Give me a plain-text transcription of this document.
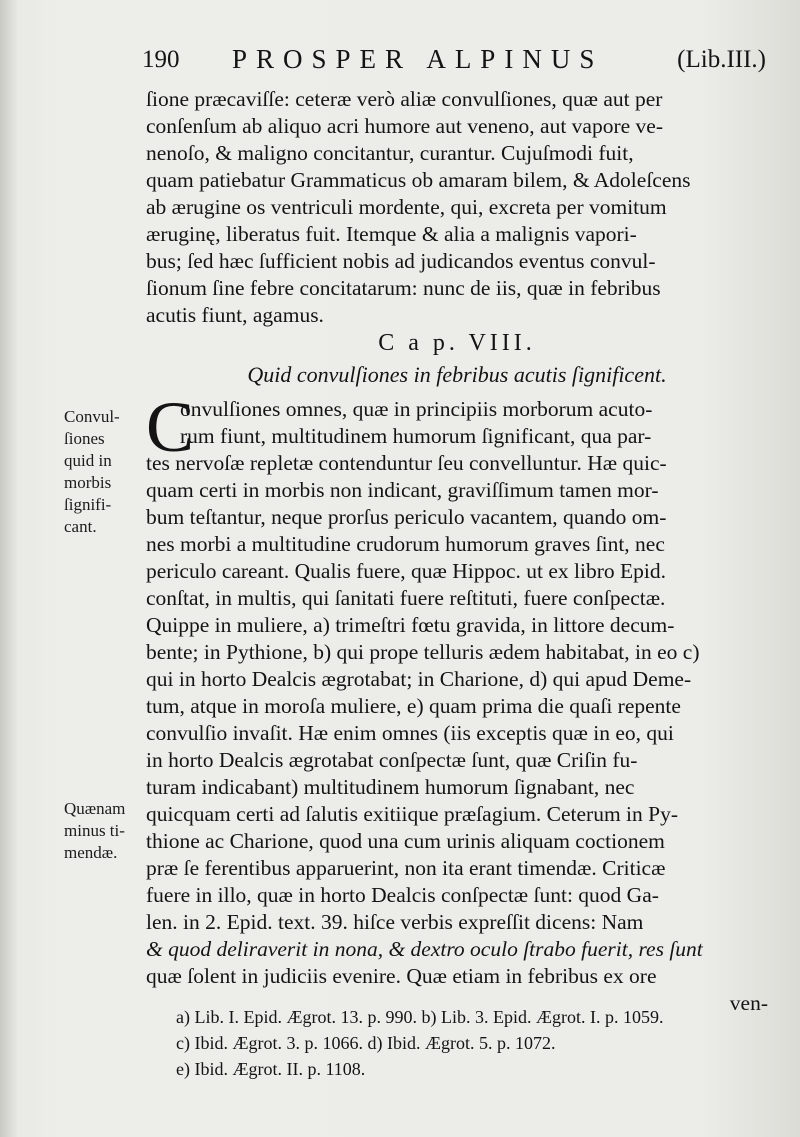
190 PROSPER ALPINUS	(Lib.III.)
ſione præcaviſſe: ceteræ verò aliæ convulſiones, quæ aut per
conſenſum ab aliquo acri humore aut veneno, aut vapore ve-
nenoſo, & maligno concitantur, curantur. Cujuſmodi fuit,
quam patiebatur Grammaticus ob amaram bilem, & Adoleſcens
ab ærugine os ventriculi mordente, qui, excreta per vomitum
æruginę, liberatus fuit. Itemque & alia a malignis vapori-
bus; ſed hæc ſufficient nobis ad judicandos eventus convul-
ſionum ſine febre concitatarum: nunc de iis, quæ in febribus
acutis fiunt, agamus.
C a p. VIII.
Quid convulſiones in febribus acutis ſignificent.
Convul-
ſiones
quid in
morbis
ſignifi-
cant.
Quænam
minus ti-
mendæ.
C
onvulſiones omnes, quæ in principiis morborum acuto-
rum fiunt, multitudinem humorum ſignificant, qua par-
tes nervoſæ repletæ contenduntur ſeu convelluntur. Hæ quic-
quam certi in morbis non indicant, graviſſimum tamen mor-
bum teſtantur, neque prorſus periculo vacantem, quando om-
nes morbi a multitudine crudorum humorum graves ſint, nec
periculo careant. Qualis fuere, quæ Hippoc. ut ex libro Epid.
conſtat, in multis, qui ſanitati fuere reſtituti, fuere conſpectæ.
Quippe in muliere, a) trimeſtri fœtu gravida, in littore decum-
bente; in Pythione, b) qui prope telluris ædem habitabat, in eo c)
qui in horto Dealcis ægrotabat; in Charione, d) qui apud Deme-
tum, atque in moroſa muliere, e) quam prima die quaſi repente
convulſio invaſit. Hæ enim omnes (iis exceptis quæ in eo, qui
in horto Dealcis ægrotabat conſpectæ ſunt, quæ Criſin fu-
turam indicabant) multitudinem humorum ſignabant, nec
quicquam certi ad ſalutis exitiique præſagium. Ceterum in Py-
thione ac Charione, quod una cum urinis aliquam coctionem
præ ſe ferentibus apparuerint, non ita erant timendæ. Criticæ
fuere in illo, quæ in horto Dealcis conſpectæ ſunt: quod Ga-
len. in 2. Epid. text. 39. hiſce verbis expreſſit dicens: Nam
& quod deliraverit in nona, & dextro oculo ſtrabo fuerit, res ſunt
quæ ſolent in judiciis evenire. Quæ etiam in febribus ex ore
ven-
a) Lib. I. Epid. Ægrot. 13. p. 990. b) Lib. 3. Epid. Ægrot. I. p. 1059.
c) Ibid. Ægrot. 3. p. 1066. d) Ibid. Ægrot. 5. p. 1072.
e) Ibid. Ægrot. II. p. 1108.
